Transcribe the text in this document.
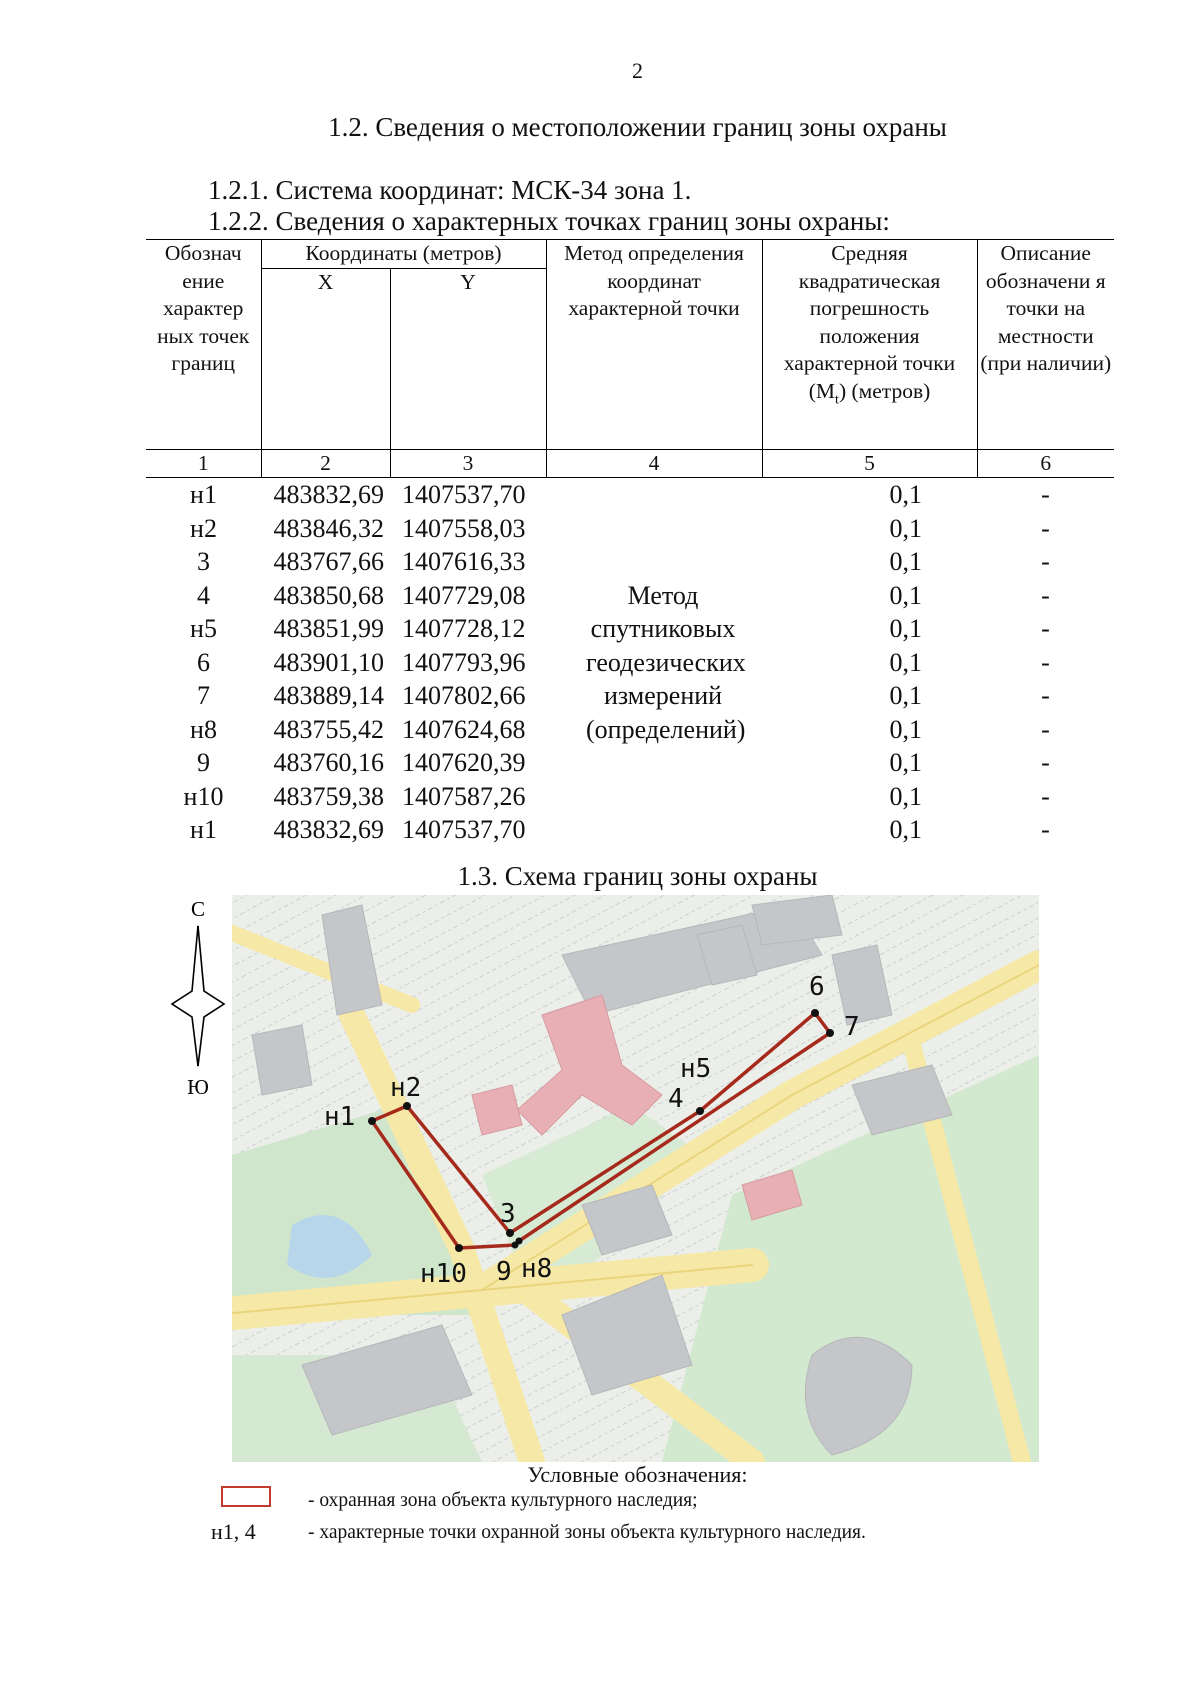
2
1.2. Сведения о местоположении границ зоны охраны
1.2.1. Система координат: МСК-34 зона 1.
1.2.2. Сведения о характерных точках границ зоны охраны:
Обознач ение характер ных точек границ	Координаты (метров)		Метод определения координат характерной точки	Средняя квадратическая погрешность положения характерной точки $(M_t)$ (метров)	Описание обозначени я точки на местности (при наличии)
	X	Y			
1	2	3	4	5	6
н1	483832,69	1407537,70	Метод спутниковых геодезических измерений (определений)	0,1	-
н2	483846,32	1407558,03		0,1	-
3	483767,66	1407616,33		0,1	-
4	483850,68	1407729,08		0,1	-
н5	483851,99	1407728,12		0,1	-
6	483901,10	1407793,96		0,1	-
7	483889,14	1407802,66		0,1	-
н8	483755,42	1407624,68		0,1	-
9	483760,16	1407620,39		0,1	-
н10	483759,38	1407587,26		0,1	-
н1	483832,69	1407537,70		0,1	-
1.3. Схема границ зоны охраны
С
Ю
н1
н2
3
4
н5
6
7
н8
9
н10
Условные обозначения:
- охранная зона объекта культурного наследия;
н1, 4	- характерные точки охранной зоны объекта культурного наследия.
